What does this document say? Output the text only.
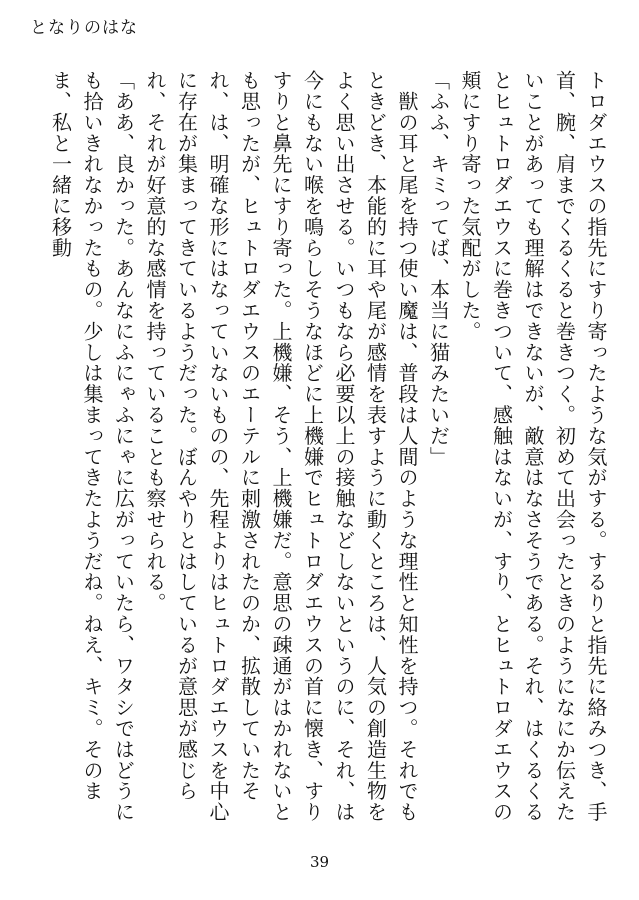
となりのはな

トロダエウスの指先にすり寄ったような気がする。するりと指先に絡みつき、手首、腕、肩までくるくると巻きつく。初めて出会ったときのようになにか伝えたいことがあっても理解はできないが、敵意はなさそうである。それ、はくるくるとヒュトロダエウスに巻きついて、感触はないが、すり、とヒュトロダエウスの頬にすり寄った気配がした。

「ふふ、キミってば、本当に猫みたいだ」

　獣の耳と尾を持つ使い魔は、普段は人間のような理性と知性を持つ。それでもときどき、本能的に耳や尾が感情を表すように動くところは、人気の創造生物をよく思い出させる。いつもなら必要以上の接触などしないというのに、それ、は今にもない喉を鳴らしそうなほどに上機嫌でヒュトロダエウスの首に懐き、すりすりと鼻先にすり寄った。上機嫌、そう、上機嫌だ。意思の疎通がはかれないとも思ったが、ヒュトロダエウスのエーテルに刺激されたのか、拡散していたそれ、は、明確な形にはなっていないものの、先程よりはヒュトロダエウスを中心に存在が集まってきているようだった。ぼんやりとはしているが意思が感じられ、それが好意的な感情を持っていることも察せられる。

「ああ、良かった。あんなにふにゃふにゃに広がっていたら、ワタシではどうにも拾いきれなかったもの。少しは集まってきたようだね。ねえ、キミ。そのまま、私と一緒に移動

39
